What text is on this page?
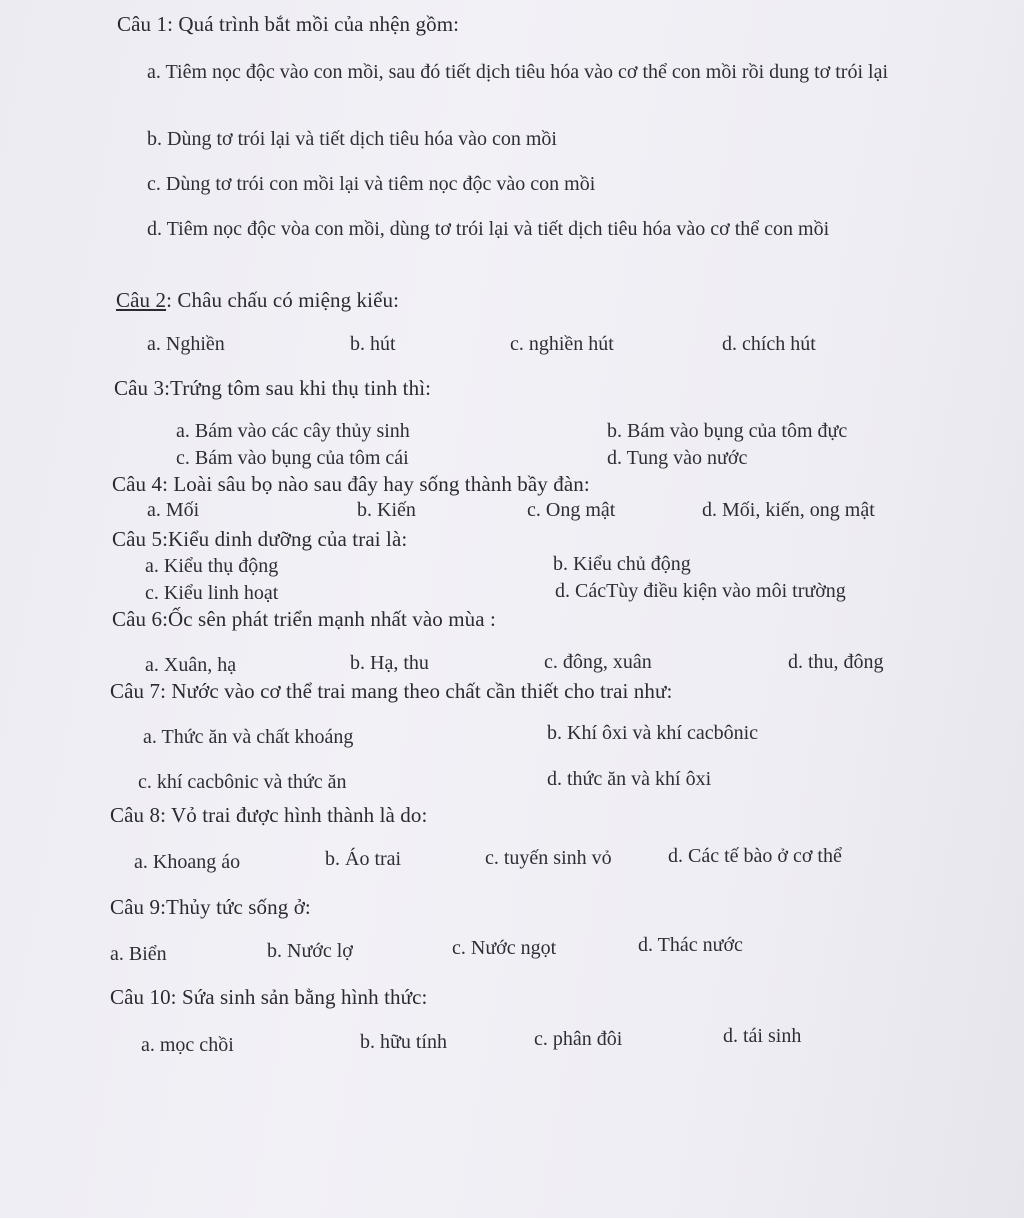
Câu 1: Quá trình bắt mồi của nhện gồm:
a. Tiêm nọc độc vào con mồi, sau đó tiết dịch tiêu hóa vào cơ thể con mồi rồi dung tơ trói lại
b. Dùng tơ trói lại và tiết dịch tiêu hóa vào con mồi
c. Dùng tơ trói con mồi lại và tiêm nọc độc vào con mồi
d. Tiêm nọc độc vòa con mồi, dùng tơ trói lại và tiết dịch tiêu hóa vào cơ thể con mồi
Câu 2: Châu chấu có miệng kiểu:
a. Nghiền	b. hút	c. nghiền hút	d. chích hút
Câu 3:Trứng tôm sau khi thụ tinh thì:
a. Bám vào các cây thủy sinh	b. Bám vào bụng của tôm đực
c. Bám vào bụng của tôm cái	d. Tung vào nước
Câu 4: Loài sâu bọ nào sau đây hay sống thành bầy đàn:
a. Mối	b. Kiến	c. Ong mật	d. Mối, kiến, ong mật
Câu 5:Kiểu dinh dưỡng của trai là:
a. Kiểu thụ động	b. Kiểu chủ động
c. Kiểu linh hoạt	d. CácTùy điều kiện vào môi trường
Câu 6:Ốc sên phát triển mạnh nhất vào mùa :
a. Xuân, hạ	b. Hạ, thu	c. đông, xuân	d. thu, đông
Câu 7: Nước vào cơ thể trai mang theo chất cần thiết cho trai như:
a. Thức ăn và chất khoáng	b. Khí ôxi và khí cacbônic
c. khí cacbônic và thức ăn	d. thức ăn và khí ôxi
Câu 8: Vỏ trai được hình thành là do:
a. Khoang áo	b. Áo trai	c. tuyến sinh vỏ	d. Các tế bào ở cơ thể
Câu 9:Thủy tức sống ở:
a. Biển	b. Nước lợ	c. Nước ngọt	d. Thác nước
Câu 10: Sứa sinh sản bằng hình thức:
a. mọc chồi	b. hữu tính	c. phân đôi	d. tái sinh
